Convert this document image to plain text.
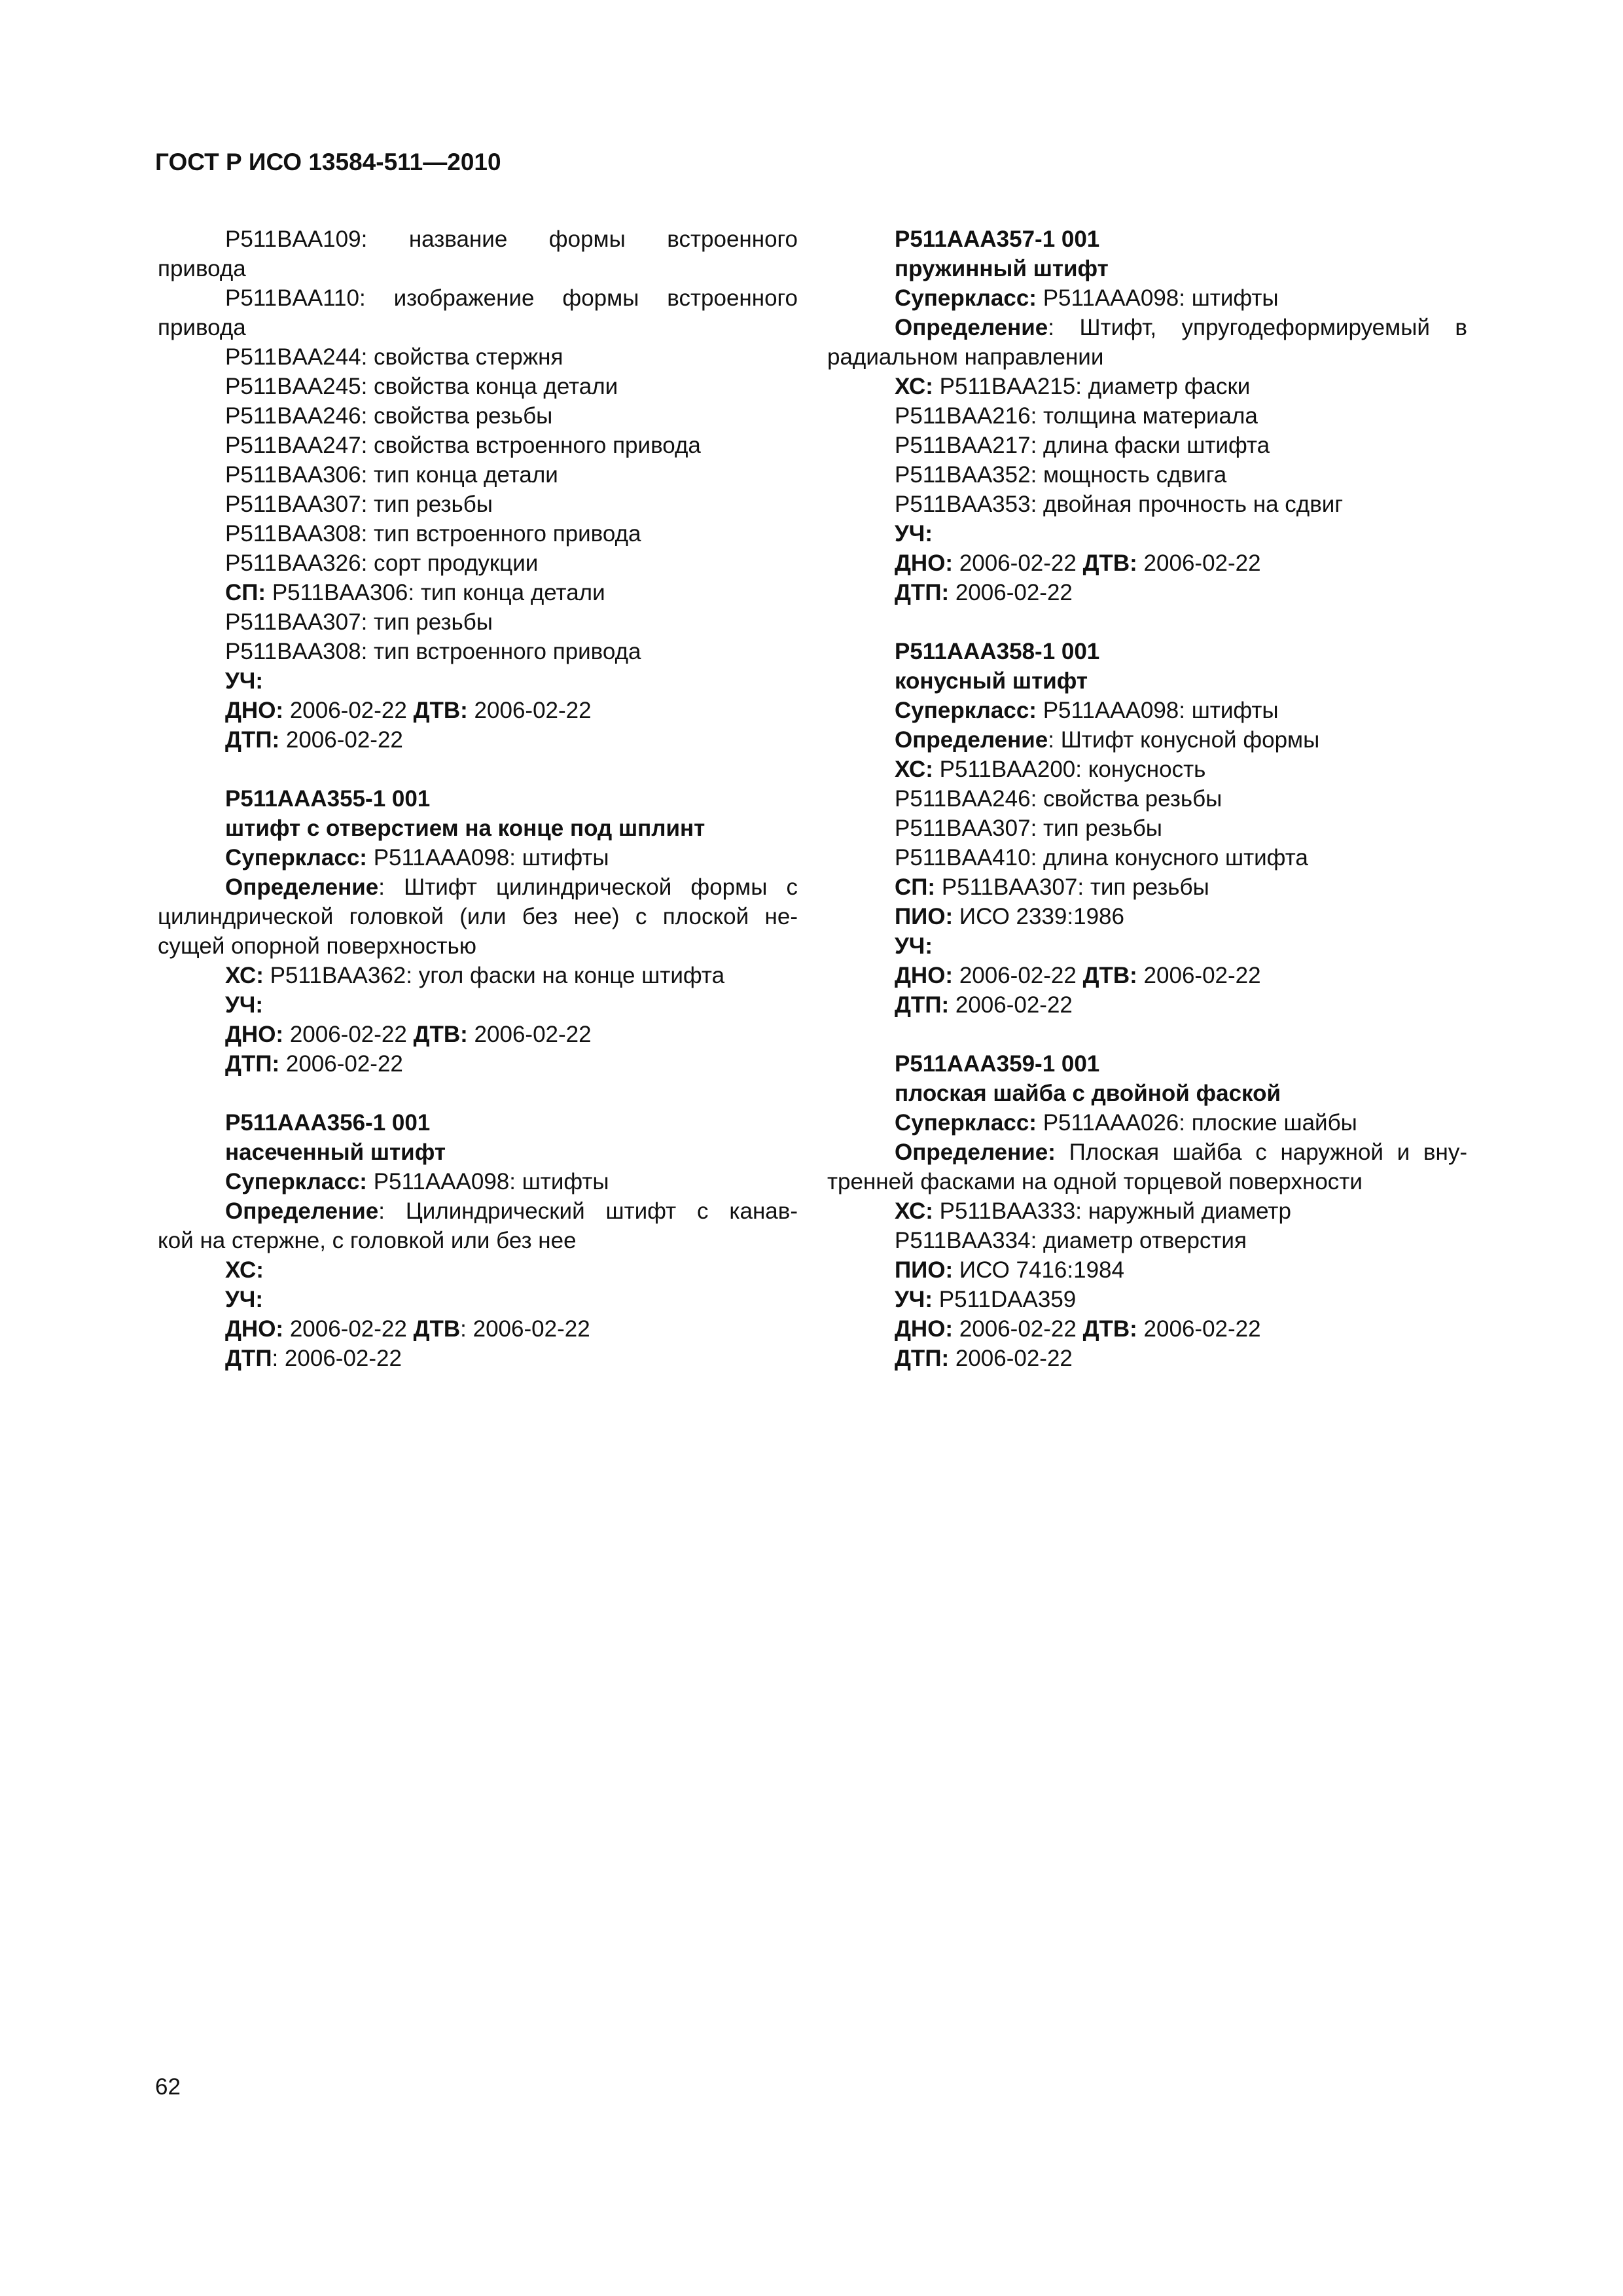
ГОСТ Р ИСО 13584-511—2010
P511BAA109: название формы встроенного
привода
P511BAA110: изображение формы встроенного
привода
P511BAA244: свойства стержня
P511BAA245: свойства конца детали
P511BAA246: свойства резьбы
P511BAA247: свойства встроенного привода
P511BAA306: тип конца детали
P511BAA307: тип резьбы
P511BAA308: тип встроенного привода
P511BAA326: сорт продукции
СП: P511BAA306: тип конца детали
P511BAA307: тип резьбы
P511BAA308: тип встроенного привода
УЧ:
ДНО: 2006-02-22 ДТВ: 2006-02-22
ДТП: 2006-02-22
P511AAA355-1 001
штифт с отверстием на конце под шплинт
Суперкласс: P511AAA098: штифты
Определение: Штифт цилиндрической формы с
цилиндрической головкой (или без нее) с плоской не-
сущей опорной поверхностью
ХС: P511BAA362: угол фаски на конце штифта
УЧ:
ДНО: 2006-02-22 ДТВ: 2006-02-22
ДТП: 2006-02-22
P511AAA356-1 001
насеченный штифт
Суперкласс: P511AAA098: штифты
Определение: Цилиндрический штифт с канав-
кой на стержне, с головкой или без нее
ХС:
УЧ:
ДНО: 2006-02-22 ДТВ: 2006-02-22
ДТП: 2006-02-22
P511AAA357-1 001
пружинный штифт
Суперкласс: P511AAA098: штифты
Определение: Штифт, упругодеформируемый в
радиальном направлении
ХС: P511BAA215: диаметр фаски
P511BAA216: толщина материала
P511BAA217: длина фаски штифта
P511BAA352: мощность сдвига
P511BAA353: двойная прочность на сдвиг
УЧ:
ДНО: 2006-02-22 ДТВ: 2006-02-22
ДТП: 2006-02-22
P511AAA358-1 001
конусный штифт
Суперкласс: P511AAA098: штифты
Определение: Штифт конусной формы
ХС: P511BAA200: конусность
P511BAA246: свойства резьбы
P511BAA307: тип резьбы
P511BAA410: длина конусного штифта
СП: P511BAA307: тип резьбы
ПИО: ИСО 2339:1986
УЧ:
ДНО: 2006-02-22 ДТВ: 2006-02-22
ДТП: 2006-02-22
P511AAA359-1 001
плоская шайба с двойной фаской
Суперкласс: P511AAA026: плоские шайбы
Определение: Плоская шайба с наружной и вну-
тренней фасками на одной торцевой поверхности
ХС: P511BAA333: наружный диаметр
P511BAA334: диаметр отверстия
ПИО: ИСО 7416:1984
УЧ: P511DAA359
ДНО: 2006-02-22 ДТВ: 2006-02-22
ДТП: 2006-02-22
62
